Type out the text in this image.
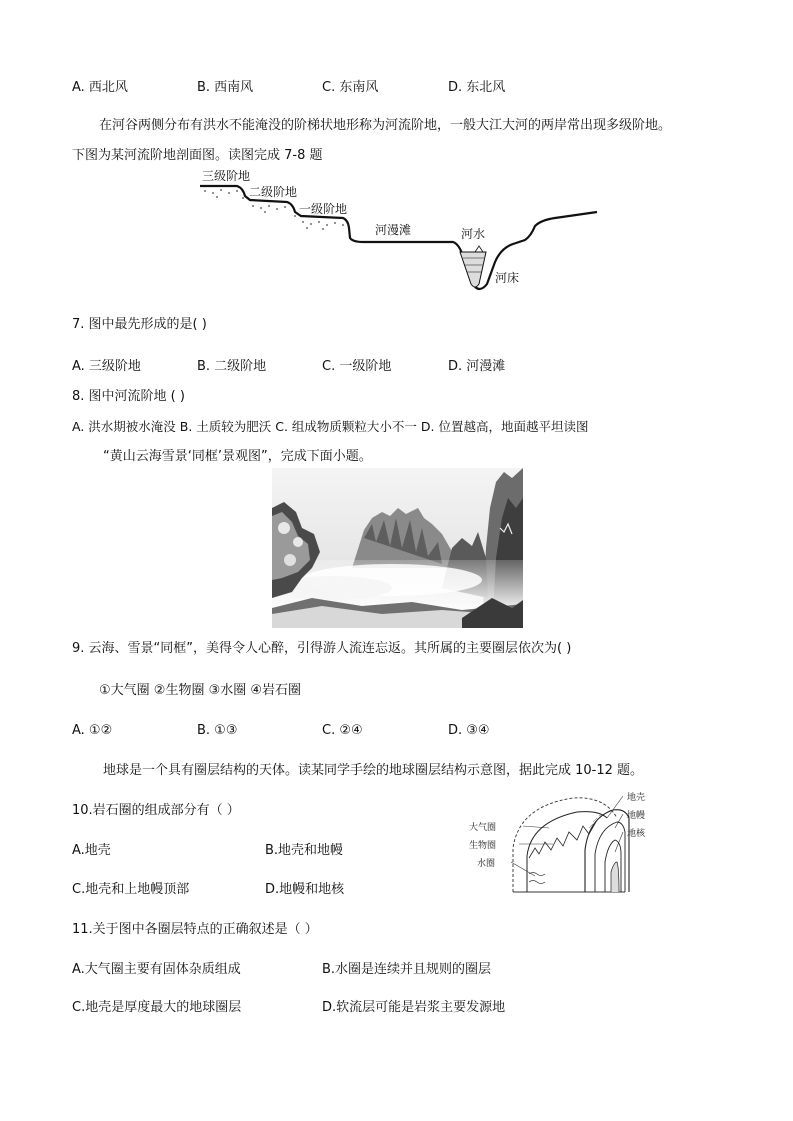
A. 西北风	B. 西南风	C. 东南风	D. 东北风
在河谷两侧分布有洪水不能淹没的阶梯状地形称为河流阶地，一般大江大河的两岸常出现多级阶地。
下图为某河流阶地剖面图。读图完成 7-8 题
三级阶地
二级阶地
一级阶地
河漫滩	河水
河床
7. 图中最先形成的是( )
A. 三级阶地	B. 二级阶地	C. 一级阶地	D. 河漫滩
8. 图中河流阶地 ( )
A. 洪水期被水淹没 B. 土质较为肥沃 C. 组成物质颗粒大小不一 D. 位置越高，地面越平坦读图
“黄山云海雪景‘同框’景观图”，完成下面小题。
9. 云海、雪景“同框”，美得令人心醉，引得游人流连忘返。其所属的主要圈层依次为( )
①大气圈 ②生物圈 ③水圈 ④岩石圈
A. ①②	B. ①③	C. ②④	D. ③④
地球是一个具有圈层结构的天体。读某同学手绘的地球圈层结构示意图，据此完成 10-12 题。
10.岩石圈的组成部分有（ ）
A.地壳	B.地壳和地幔
C.地壳和上地幔顶部	D.地幔和地核
大气圈
生物圈
水圈
地壳
地幔
地核
11.关于图中各圈层特点的正确叙述是（ ）
A.大气圈主要有固体杂质组成	B.水圈是连续并且规则的圈层
C.地壳是厚度最大的地球圈层	D.软流层可能是岩浆主要发源地
